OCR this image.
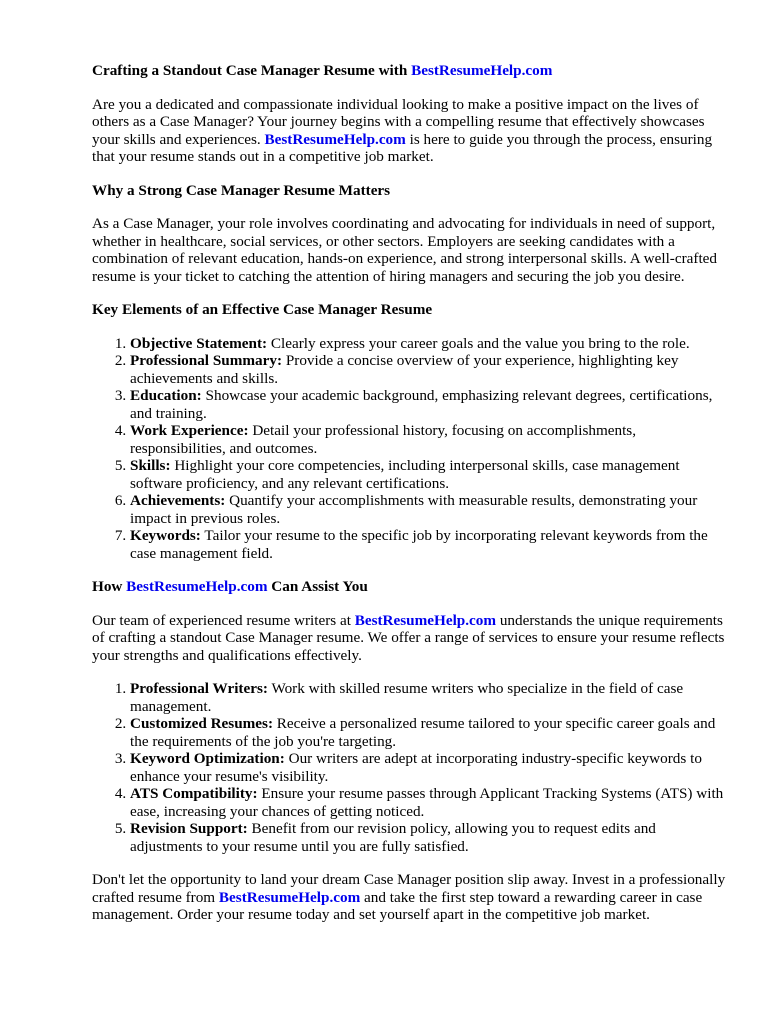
Crafting a Standout Case Manager Resume with BestResumeHelp.com

Are you a dedicated and compassionate individual looking to make a positive impact on the lives of others as a Case Manager? Your journey begins with a compelling resume that effectively showcases your skills and experiences. BestResumeHelp.com is here to guide you through the process, ensuring that your resume stands out in a competitive job market.

Why a Strong Case Manager Resume Matters

As a Case Manager, your role involves coordinating and advocating for individuals in need of support, whether in healthcare, social services, or other sectors. Employers are seeking candidates with a combination of relevant education, hands-on experience, and strong interpersonal skills. A well-crafted resume is your ticket to catching the attention of hiring managers and securing the job you desire.

Key Elements of an Effective Case Manager Resume
1. Objective Statement: Clearly express your career goals and the value you bring to the role.
2. Professional Summary: Provide a concise overview of your experience, highlighting key achievements and skills.
3. Education: Showcase your academic background, emphasizing relevant degrees, certifications, and training.
4. Work Experience: Detail your professional history, focusing on accomplishments, responsibilities, and outcomes.
5. Skills: Highlight your core competencies, including interpersonal skills, case management software proficiency, and any relevant certifications.
6. Achievements: Quantify your accomplishments with measurable results, demonstrating your impact in previous roles.
7. Keywords: Tailor your resume to the specific job by incorporating relevant keywords from the case management field.
How BestResumeHelp.com Can Assist You

Our team of experienced resume writers at BestResumeHelp.com understands the unique requirements of crafting a standout Case Manager resume. We offer a range of services to ensure your resume reflects your strengths and qualifications effectively.

1. Professional Writers: Work with skilled resume writers who specialize in the field of case management.
2. Customized Resumes: Receive a personalized resume tailored to your specific career goals and the requirements of the job you're targeting.
3. Keyword Optimization: Our writers are adept at incorporating industry-specific keywords to enhance your resume's visibility.
4. ATS Compatibility: Ensure your resume passes through Applicant Tracking Systems (ATS) with ease, increasing your chances of getting noticed.
5. Revision Support: Benefit from our revision policy, allowing you to request edits and adjustments to your resume until you are fully satisfied.

Don't let the opportunity to land your dream Case Manager position slip away. Invest in a professionally crafted resume from BestResumeHelp.com and take the first step toward a rewarding career in case management. Order your resume today and set yourself apart in the competitive job market.
